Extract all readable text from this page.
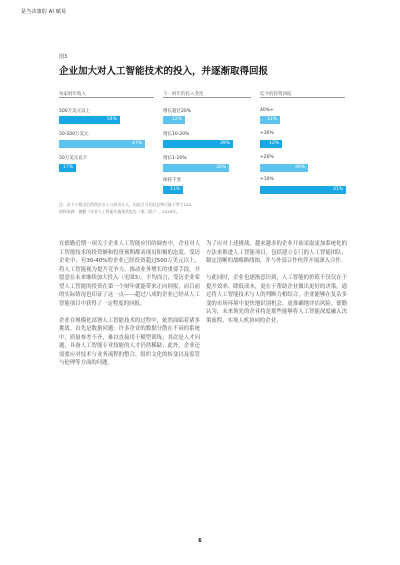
是当决策的 AI 赋易
图3
企业加大对人工智能技术的投入，并逐渐取得回报
每家财年收入	下一财年的投入变化	迄今的投资回报
500万美元以上
54%
50-500万美元
47%
50万美元以下
17%
增长超过20%
12%
增长10-20%
39%
增长1-10%
36%
保持不变
11%
40%+
11%
+30%
12%
+20%
26%
+10%
31%
注：由于小数点后的四舍五入与四舍五入，因此百分比的总和可能不等于100。
资料来源：德勤《企业人工智能实施现状报告（第二版）》，2018年。

在德勤近期一项关于企业人工智能应用的调查中，企业对人工智能技术的投资额和投资预期都表现出积极的态度。受访企业中，有30-40%的企业已经投资超过500万美元以上，将人工智能视为提升竞争力、推动业务增长的重要手段，并愿意在未来继续加大投入（见图3）。平均而言，受访企业希望人工智能的投资在第一个财年就能带来正向回报，而目前的实际情况也印证了这一点——超过八成的企业已经从人工智能项目中获得了一定程度的回报。

企业在规模化部署人工智能技术的过程中，依然面临着诸多挑战。首先是数据问题：许多企业的数据分散在不同的系统中，质量参差不齐，难以直接用于模型训练；其次是人才问题，具备人工智能专业技能的人才仍然稀缺；此外，企业还需要应对技术与业务流程的整合、组织文化的转变以及监管与伦理等方面的问题。

为了应对上述挑战，越来越多的企业开始采取更加系统化的方法来推进人工智能项目，包括建立专门的人工智能团队、制定清晰的战略路线图，并与外部合作伙伴开展深入合作。

与此同时，企业也逐渐意识到，人工智能的价值不仅仅在于提升效率、降低成本，更在于帮助企业做出更好的决策。通过将人工智能技术与人的判断力相结合，企业能够在复杂多变的市场环境中更快地识别机会、更准确地评估风险。德勤认为，未来领先的企业将是那些能够将人工智能深度融入决策流程、实现人机协同的企业。

6
